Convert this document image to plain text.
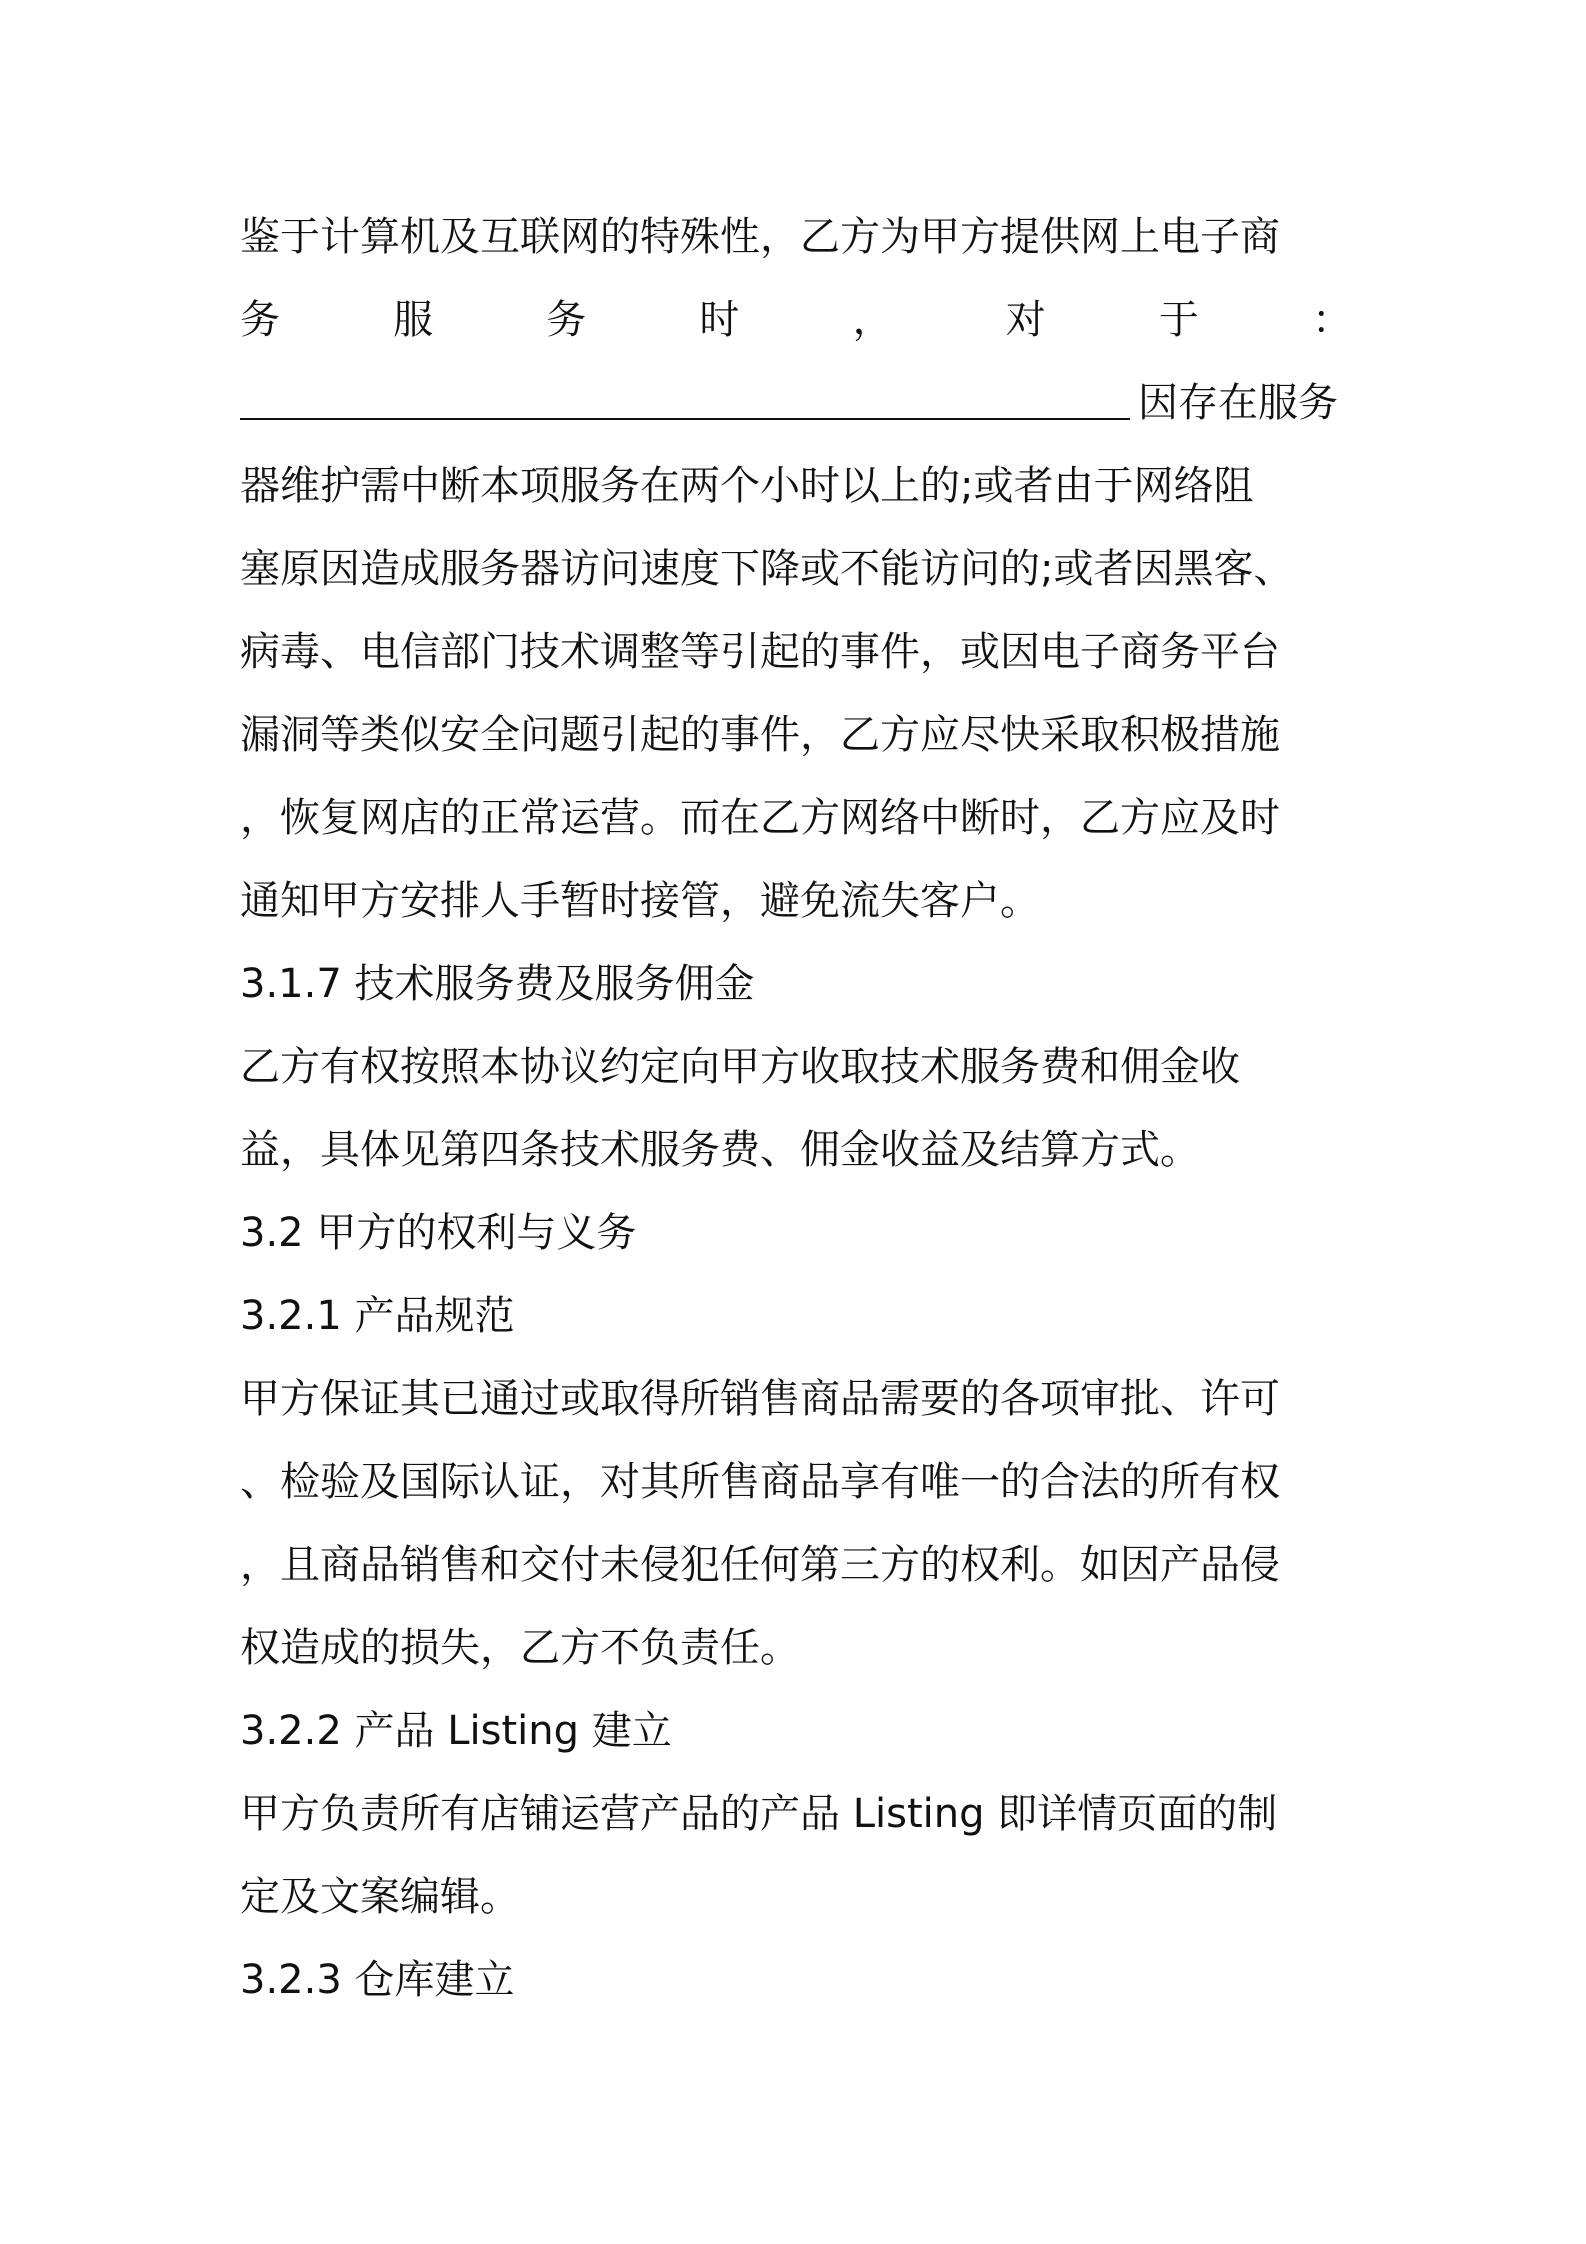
鉴于计算机及互联网的特殊性，乙方为甲方提供网上电子商
务	服	务	时	，	对	于	：
因存在服务
器维护需中断本项服务在两个小时以上的;或者由于网络阻
塞原因造成服务器访问速度下降或不能访问的;或者因黑客、
病毒、电信部门技术调整等引起的事件，或因电子商务平台
漏洞等类似安全问题引起的事件，乙方应尽快采取积极措施
，恢复网店的正常运营。而在乙方网络中断时，乙方应及时
通知甲方安排人手暂时接管，避免流失客户。
3.1.7 技术服务费及服务佣金
乙方有权按照本协议约定向甲方收取技术服务费和佣金收
益，具体见第四条技术服务费、佣金收益及结算方式。
3.2 甲方的权利与义务
3.2.1 产品规范
甲方保证其已通过或取得所销售商品需要的各项审批、许可
、检验及国际认证，对其所售商品享有唯一的合法的所有权
，且商品销售和交付未侵犯任何第三方的权利。如因产品侵
权造成的损失，乙方不负责任。
3.2.2 产品 Listing 建立
甲方负责所有店铺运营产品的产品 Listing 即详情页面的制
定及文案编辑。
3.2.3 仓库建立
